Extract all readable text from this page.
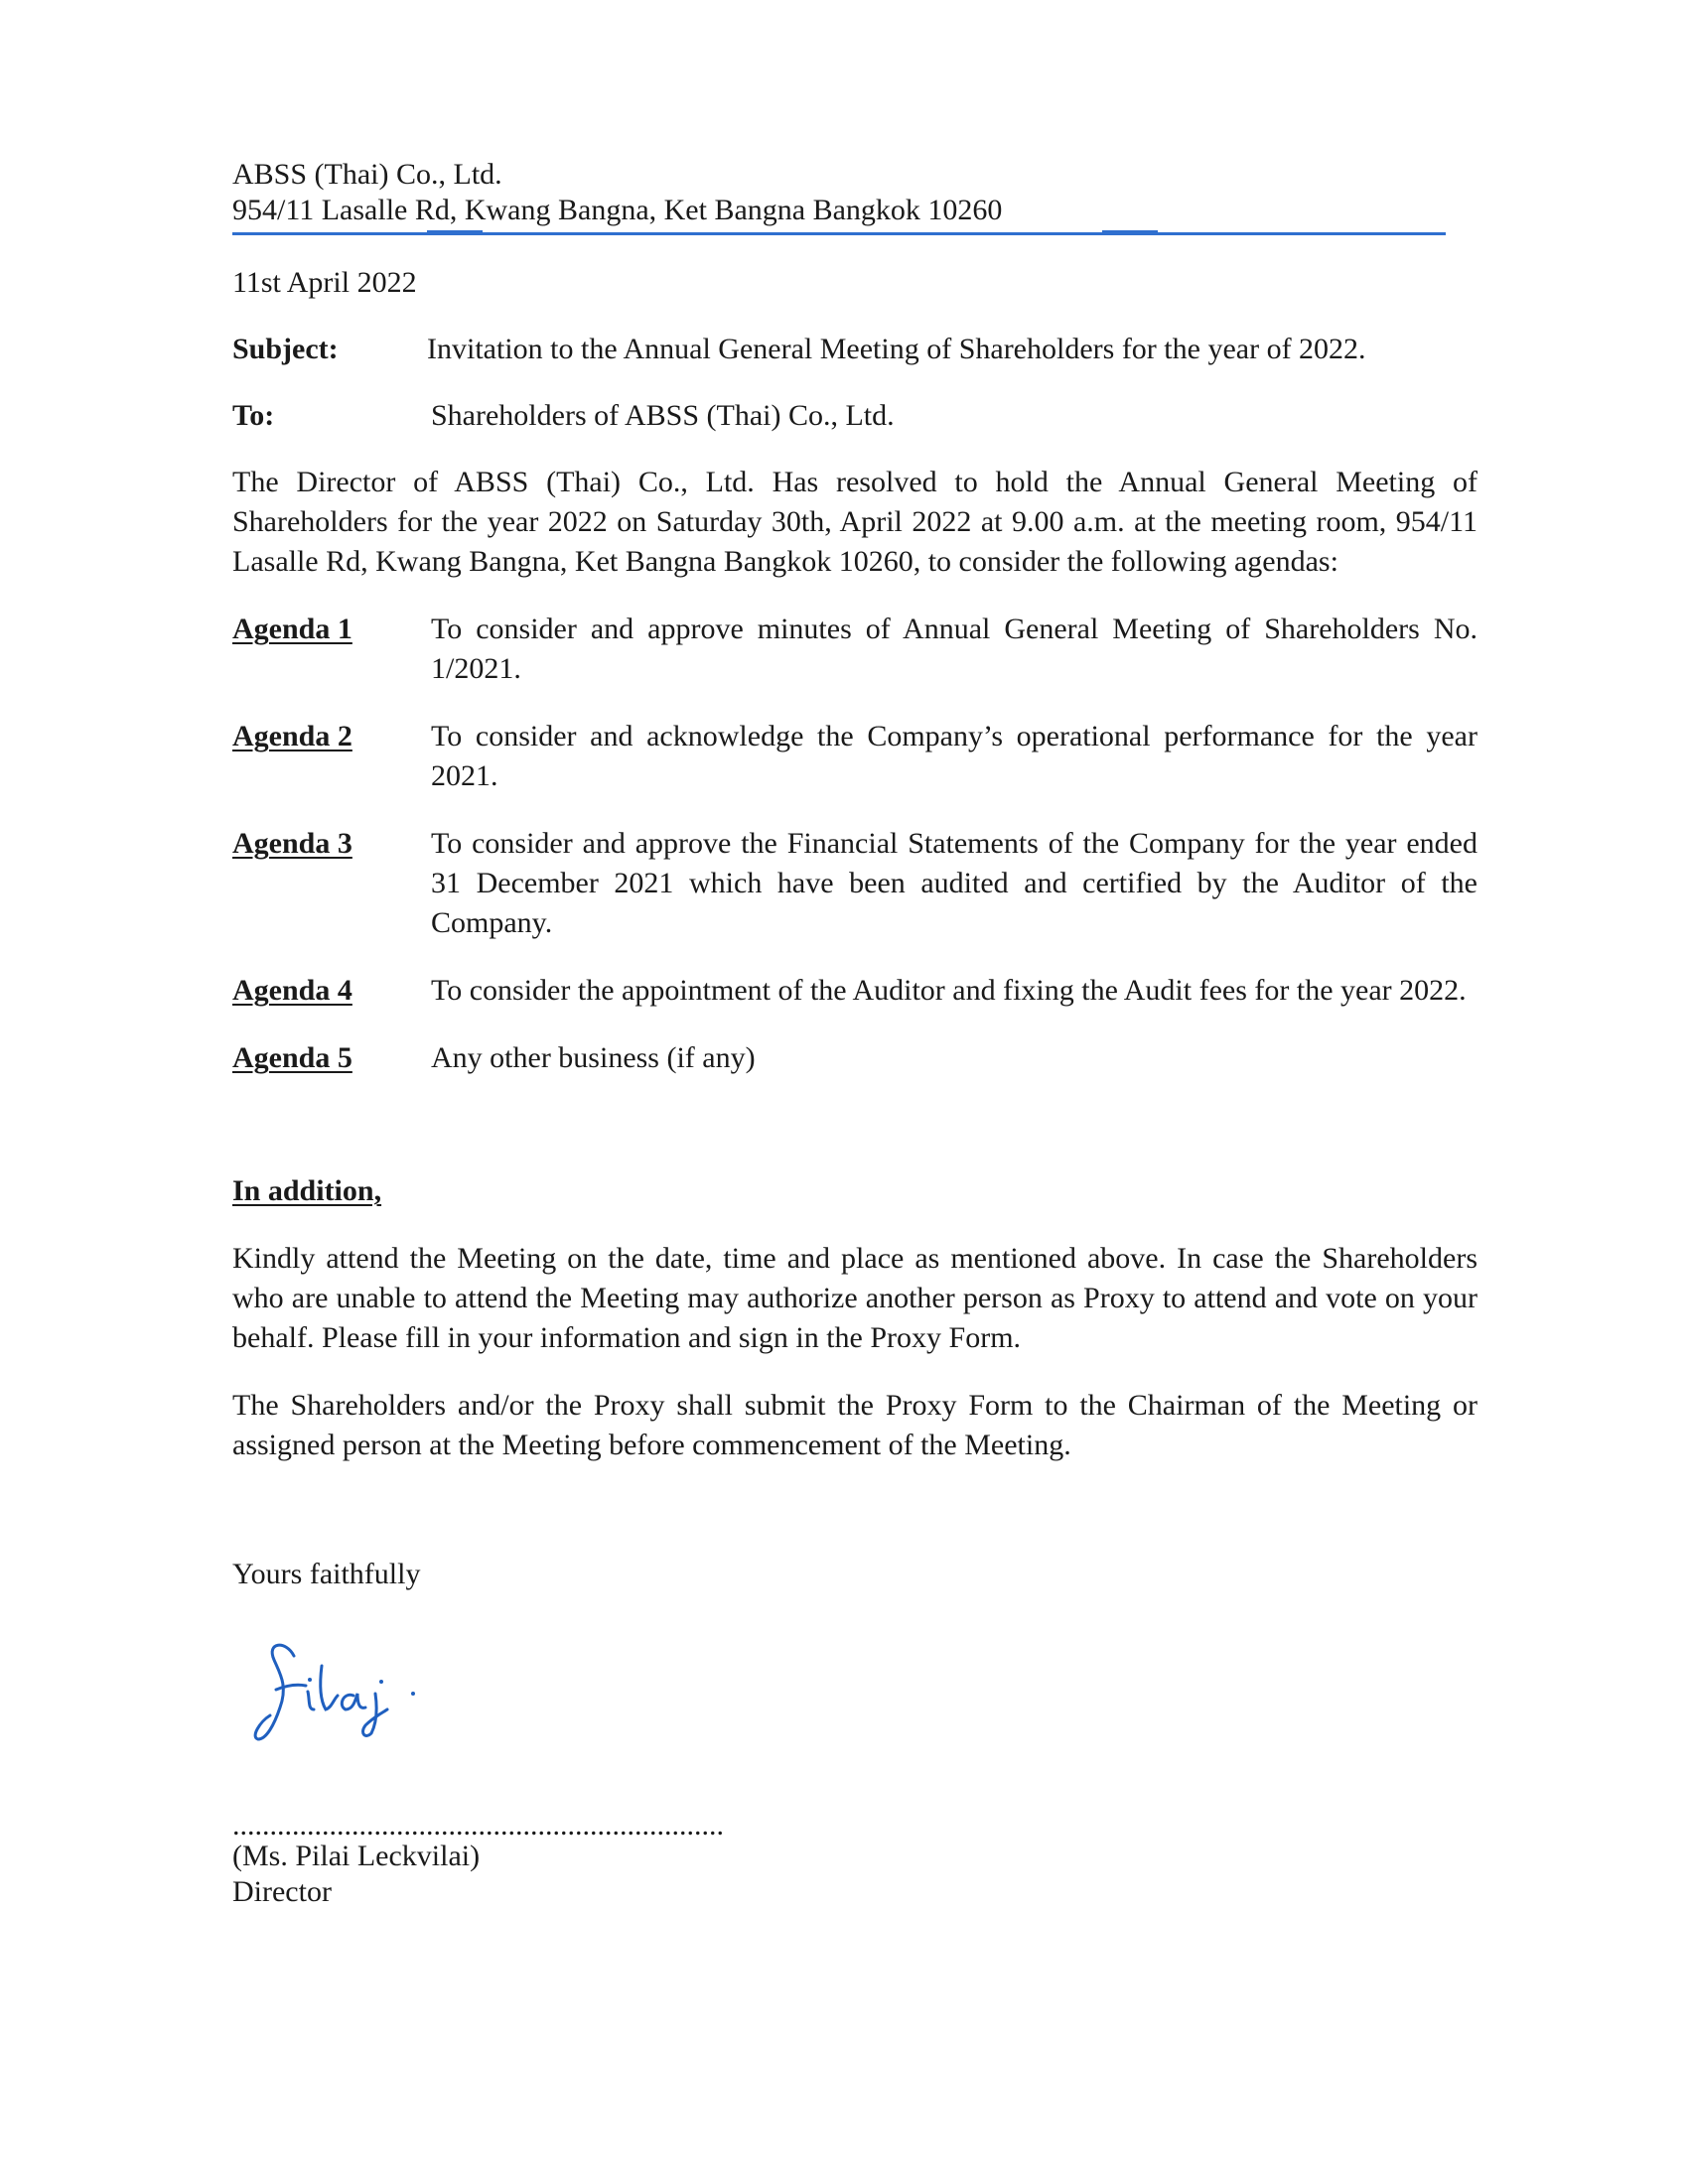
ABSS (Thai) Co., Ltd.
954/11 Lasalle Rd, Kwang Bangna, Ket Bangna Bangkok 10260
11st April 2022
Subject:	Invitation to the Annual General Meeting of Shareholders for the year of 2022.
To:	Shareholders of ABSS (Thai) Co., Ltd.
The Director of ABSS (Thai) Co., Ltd. Has resolved to hold the Annual General Meeting of Shareholders for the year 2022 on Saturday 30th, April 2022 at 9.00 a.m. at the meeting room, 954/11 Lasalle Rd, Kwang Bangna, Ket Bangna Bangkok 10260, to consider the following agendas:
Agenda 1	To consider and approve minutes of Annual General Meeting of Shareholders No. 1/2021.
Agenda 2	To consider and acknowledge the Company’s operational performance for the year 2021.
Agenda 3	To consider and approve the Financial Statements of the Company for the year ended 31 December 2021 which have been audited and certified by the Auditor of the Company.
Agenda 4	To consider the appointment of the Auditor and fixing the Audit fees for the year 2022.
Agenda 5	Any other business (if any)
In addition,
Kindly attend the Meeting on the date, time and place as mentioned above. In case the Shareholders who are unable to attend the Meeting may authorize another person as Proxy to attend and vote on your behalf. Please fill in your information and sign in the Proxy Form.
The Shareholders and/or the Proxy shall submit the Proxy Form to the Chairman of the Meeting or assigned person at the Meeting before commencement of the Meeting.
Yours faithfully
..................................................................
(Ms. Pilai Leckvilai)
Director
